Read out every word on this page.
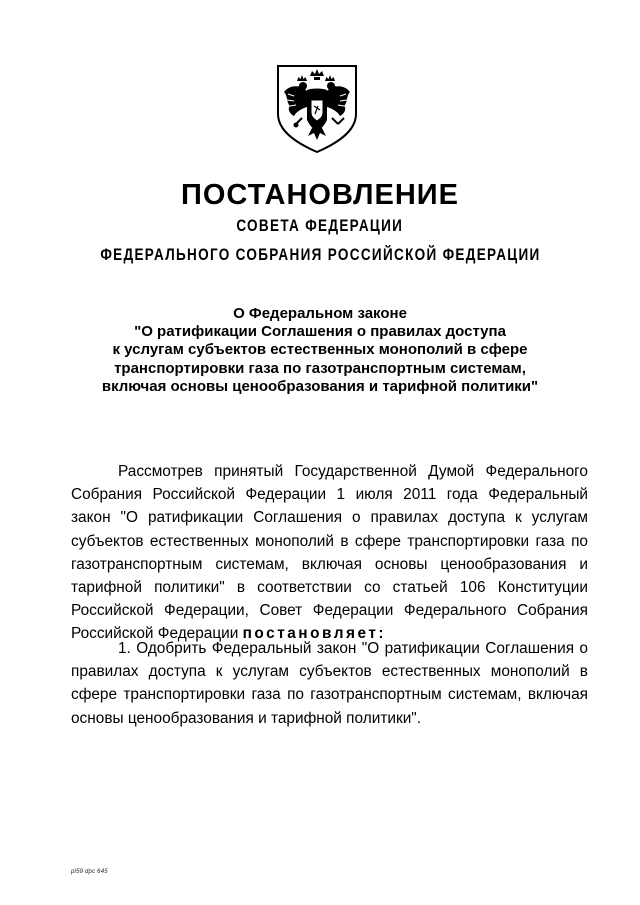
ПОСТАНОВЛЕНИЕ
СОВЕТА ФЕДЕРАЦИИ
ФЕДЕРАЛЬНОГО СОБРАНИЯ РОССИЙСКОЙ ФЕДЕРАЦИИ
О Федеральном законе
"О ратификации Соглашения о правилах доступа
к услугам субъектов естественных монополий в сфере
транспортировки газа по газотранспортным системам,
включая основы ценообразования и тарифной политики"
Рассмотрев принятый Государственной Думой Федерального Собрания Российской Федерации 1 июля 2011 года Федеральный закон "О ратификации Соглашения о правилах доступа к услугам субъектов естественных монополий в сфере транспортировки газа по газотранспортным системам, включая основы ценообразования и тарифной политики" в соответствии со статьей 106 Конституции Российской Федерации, Совет Федерации Федерального Собрания Российской Федерации постановляет:
1. Одобрить Федеральный закон "О ратификации Соглашения о правилах доступа к услугам субъектов естественных монополий в сфере транспортировки газа по газотранспортным системам, включая основы ценообразования и тарифной политики".
pl59 dpc 645
